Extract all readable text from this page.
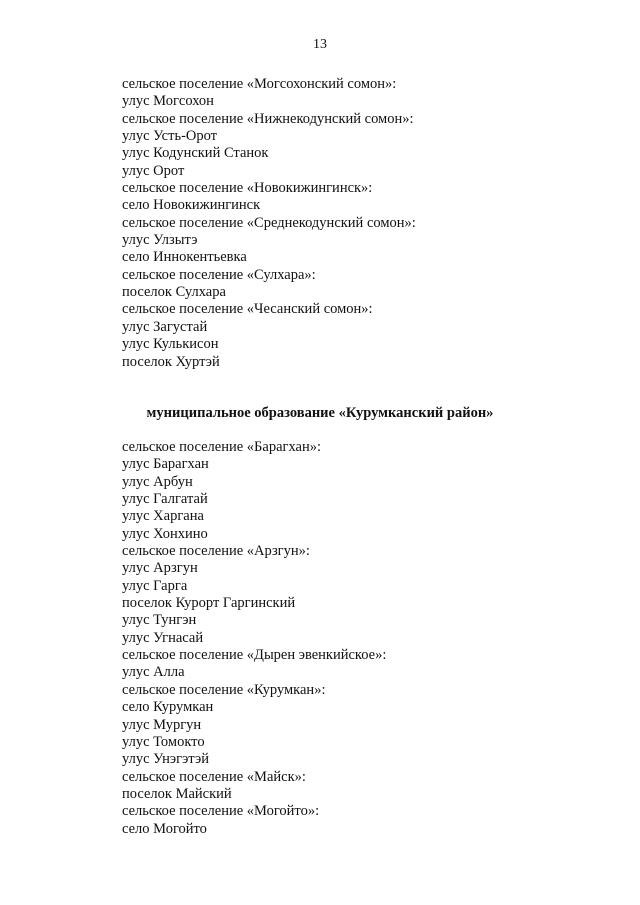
13
сельское поселение «Могсохонский сомон»:
улус Могсохон
сельское поселение «Нижнекодунский сомон»:
улус Усть-Орот
улус Кодунский Станок
улус Орот
сельское поселение «Новокижингинск»:
село Новокижингинск
сельское поселение «Среднекодунский сомон»:
улус Улзытэ
село Иннокентьевка
сельское поселение «Сулхара»:
поселок Сулхара
сельское поселение «Чесанский сомон»:
улус Загустай
улус Кулькисон
поселок Хуртэй
муниципальное образование «Курумканский район»
сельское поселение «Барагхан»:
улус Барагхан
улус Арбун
улус Галгатай
улус Харгана
улус Хонхино
сельское поселение «Арзгун»:
улус Арзгун
улус Гарга
поселок Курорт Гаргинский
улус Тунгэн
улус Угнасай
сельское поселение «Дырен эвенкийское»:
улус Алла
сельское поселение «Курумкан»:
село Курумкан
улус Мургун
улус Томокто
улус Унэгэтэй
сельское поселение «Майск»:
поселок Майский
сельское поселение «Могойто»:
село Могойто
